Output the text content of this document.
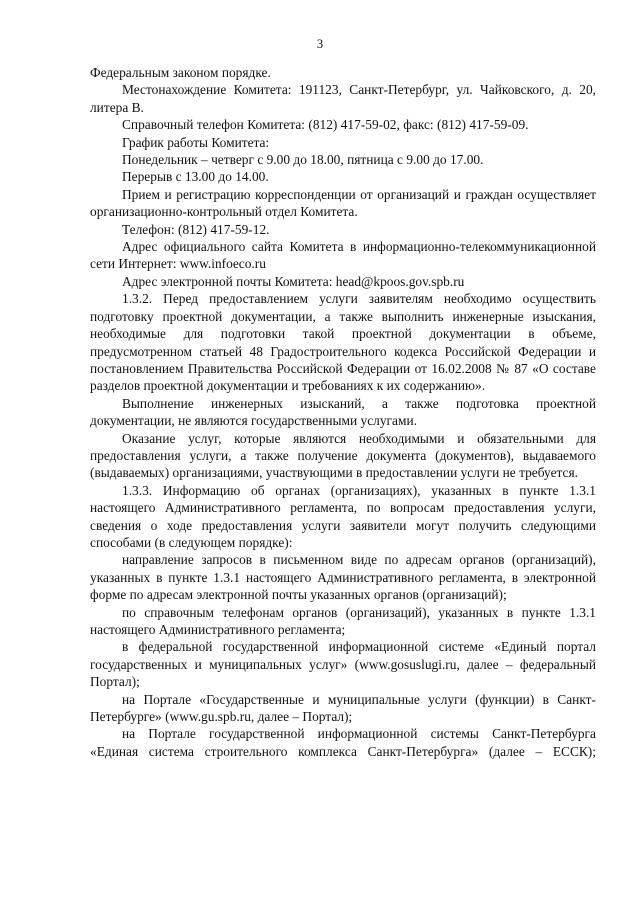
3

Федеральным законом порядке.

Местонахождение Комитета: 191123, Санкт-Петербург, ул. Чайковского, д. 20, литера В.

Справочный телефон Комитета: (812) 417-59-02, факс: (812) 417-59-09.

График работы Комитета:

Понедельник – четверг с 9.00 до 18.00, пятница с 9.00 до 17.00.

Перерыв с 13.00 до 14.00.

Прием и регистрацию корреспонденции от организаций и граждан осуществляет организационно-контрольный отдел Комитета.

Телефон: (812) 417-59-12.

Адрес официального сайта Комитета в информационно-телекоммуникационной сети Интернет: www.infoeco.ru

Адрес электронной почты Комитета: head@kpoos.gov.spb.ru

1.3.2. Перед предоставлением услуги заявителям необходимо осуществить подготовку проектной документации, а также выполнить инженерные изыскания, необходимые для подготовки такой проектной документации в объеме, предусмотренном статьей 48 Градостроительного кодекса Российской Федерации и постановлением Правительства Российской Федерации от 16.02.2008 № 87 «О составе разделов проектной документации и требованиях к их содержанию».

Выполнение инженерных изысканий, а также подготовка проектной документации, не являются государственными услугами.

Оказание услуг, которые являются необходимыми и обязательными для предоставления услуги, а также получение документа (документов), выдаваемого (выдаваемых) организациями, участвующими в предоставлении услуги не требуется.

1.3.3. Информацию об органах (организациях), указанных в пункте 1.3.1 настоящего Административного регламента, по вопросам предоставления услуги, сведения о ходе предоставления услуги заявители могут получить следующими способами (в следующем порядке):

направление запросов в письменном виде по адресам органов (организаций), указанных в пункте 1.3.1 настоящего Административного регламента, в электронной форме по адресам электронной почты указанных органов (организаций);

по справочным телефонам органов (организаций), указанных в пункте 1.3.1 настоящего Административного регламента;

в федеральной государственной информационной системе «Единый портал государственных и муниципальных услуг» (www.gosuslugi.ru, далее – федеральный Портал);

на Портале «Государственные и муниципальные услуги (функции) в Санкт-Петербурге» (www.gu.spb.ru, далее – Портал);

на Портале государственной информационной системы Санкт-Петербурга «Единая система строительного комплекса Санкт-Петербурга» (далее – ЕССК);
